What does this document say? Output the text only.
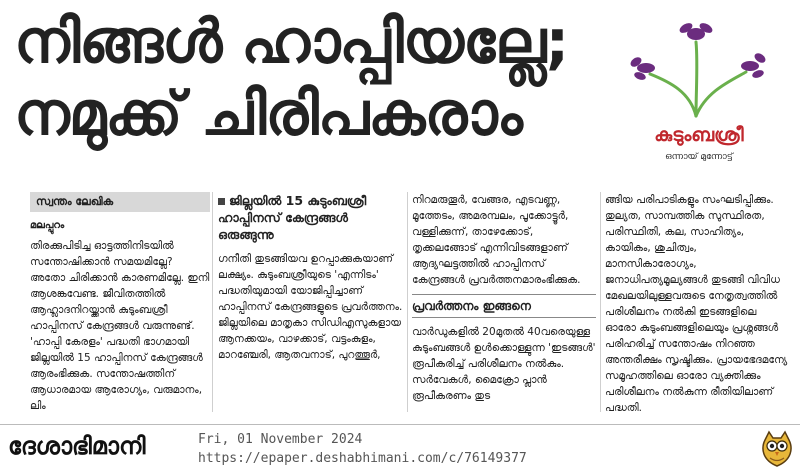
നിങ്ങൾ ഹാപ്പിയല്ലേ;
നമുക്ക് ചിരിപകരാം	കുടുംബശ്രീ
ഒന്നായ് മുന്നോട്ട്
സ്വന്തം ലേഖിക
മലപ്പുറം

തിരക്കുപിടിച്ച ഓട്ടത്തിനിടയിൽ സന്തോഷിക്കാൻ സമയമില്ലേ? അതോ ചിരിക്കാൻ കാരണമില്ലേ. ഇനി ആശങ്കവേണ്ട. ജീവിതത്തിൽ ആഹ്ലാദനിറയ്ക്കാൻ കുടുംബശ്രീ ഹാപ്പിനസ് കേന്ദ്രങ്ങൾ വരുന്നുണ്ട്. 'ഹാപ്പി കേരളം' പദ്ധതി ഭാഗമായി ജില്ലയിൽ 15 ഹാപ്പിനസ് കേന്ദ്രങ്ങൾ ആരംഭിക്കുക. സന്തോഷത്തിന് ആധാരമായ ആരോഗ്യം, വരുമാനം, ലിം

ജില്ലയിൽ 15 കുടുംബശ്രീ ഹാപ്പിനസ് കേന്ദ്രങ്ങൾ ഒരുങ്ങുന്നു

ഗനീതി തുടങ്ങിയവ ഉറപ്പാക്കുകയാണ് ലക്ഷ്യം. കുടുംബശ്രീയുടെ 'എന്നിടം' പദ്ധതിയുമായി യോജിപ്പിച്ചാണ് ഹാപ്പിനസ് കേന്ദ്രങ്ങളുടെ പ്രവർത്തനം. ജില്ലയിലെ മാതൃകാ സിഡിഎസുകളായ ആനക്കയം, വാഴക്കാട്, വട്ടംകുളം, മാറഞ്ചേരി, ആതവനാട്, പുറത്തൂർ,

നിറമരുതൂർ, വേങ്ങര, എടവണ്ണ, മൂത്തേടം, അമരമ്പലം, പൂക്കോട്ടൂർ, വള്ളിക്കുന്ന്, താഴേക്കോട്, തൃക്കലങ്ങോട് എന്നിവിടങ്ങളാണ് ആദ്യഘട്ടത്തിൽ ഹാപ്പിനസ് കേന്ദ്രങ്ങൾ പ്രവർത്തനമാരംഭിക്കുക.

പ്രവർത്തനം ഇങ്ങനെ

വാർഡുകളിൽ 20മുതൽ 40വരെയുള്ള കുടുംബങ്ങൾ ഉൾക്കൊള്ളുന്ന 'ഇടങ്ങൾ' രൂപീകരിച്ച് പരിശീലനം നൽകും. സർവേകൾ, മൈക്രോ പ്ലാൻ രൂപീകരണം തുട

ങ്ങിയ പരിപാടികളും സംഘടിപ്പിക്കും. തുല്യത, സാമ്പത്തിക സുസ്ഥിരത, പരിസ്ഥിതി, കല, സാഹിത്യം, കായികം, ശുചിത്വം, മാനസികാരോഗ്യം, ജനാധിപത്യമൂല്യങ്ങൾ തുടങ്ങി വിവിധ മേഖലയിലുള്ളവരുടെ നേതൃത്വത്തിൽ പരിശീലനം നൽകി ഇടങ്ങളിലെ ഓരോ കുടുംബങ്ങളിലെയും പ്രശ്നങ്ങൾ പരിഹരിച്ച് സന്തോഷം നിറഞ്ഞ അന്തരീക്ഷം സൃഷ്ടിക്കും. പ്രായഭേദമന്യേ സമൂഹത്തിലെ ഓരോ വ്യക്തിക്കും പരിശീലനം നൽകുന്ന രീതിയിലാണ് പദ്ധതി.

ദേശാഭിമാനി	Fri, 01 November 2024
https://epaper.deshabhimani.com/c/76149377
